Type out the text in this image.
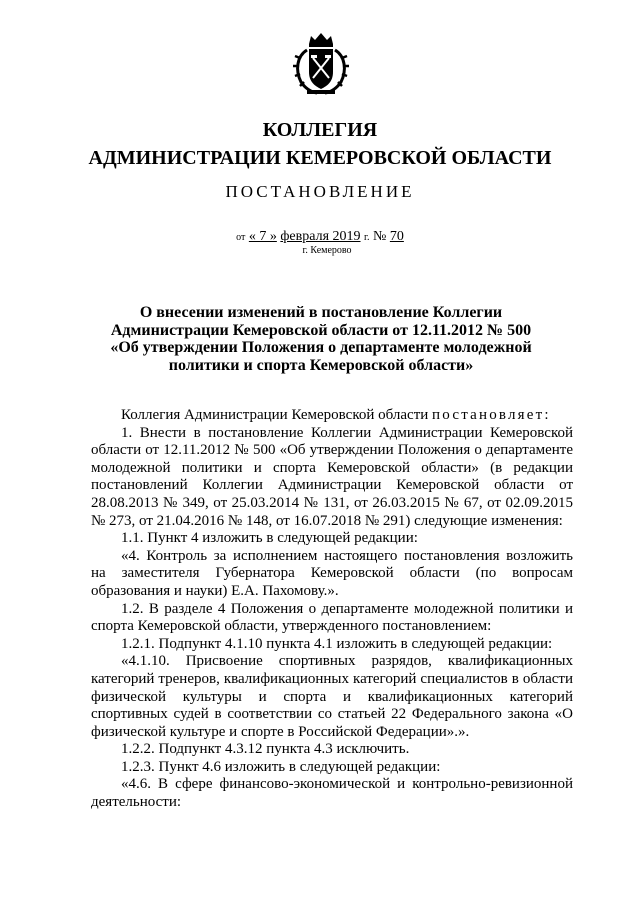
КОЛЛЕГИЯ
АДМИНИСТРАЦИИ КЕМЕРОВСКОЙ ОБЛАСТИ
ПОСТАНОВЛЕНИЕ
от « 7 » февраля 2019 г. № 70
г. Кемерово
О внесении изменений в постановление Коллегии Администрации Кемеровской области от 12.11.2012 № 500 «Об утверждении Положения о департаменте молодежной политики и спорта Кемеровской области»

Коллегия Администрации Кемеровской области постановляет:

1. Внести в постановление Коллегии Администрации Кемеровской области от 12.11.2012 № 500 «Об утверждении Положения о департаменте молодежной политики и спорта Кемеровской области» (в редакции постановлений Коллегии Администрации Кемеровской области от 28.08.2013 № 349, от 25.03.2014 № 131, от 26.03.2015 № 67, от 02.09.2015 № 273, от 21.04.2016 № 148, от 16.07.2018 № 291) следующие изменения:

1.1. Пункт 4 изложить в следующей редакции:

«4. Контроль за исполнением настоящего постановления возложить на заместителя Губернатора Кемеровской области (по вопросам образования и науки) Е.А. Пахомову.».

1.2. В разделе 4 Положения о департаменте молодежной политики и спорта Кемеровской области, утвержденного постановлением:

1.2.1. Подпункт 4.1.10 пункта 4.1 изложить в следующей редакции:

«4.1.10. Присвоение спортивных разрядов, квалификационных категорий тренеров, квалификационных категорий специалистов в области физической культуры и спорта и квалификационных категорий спортивных судей в соответствии со статьей 22 Федерального закона «О физической культуре и спорте в Российской Федерации».».

1.2.2. Подпункт 4.3.12 пункта 4.3 исключить.

1.2.3. Пункт 4.6 изложить в следующей редакции:

«4.6. В сфере финансово-экономической и контрольно-ревизионной деятельности:
